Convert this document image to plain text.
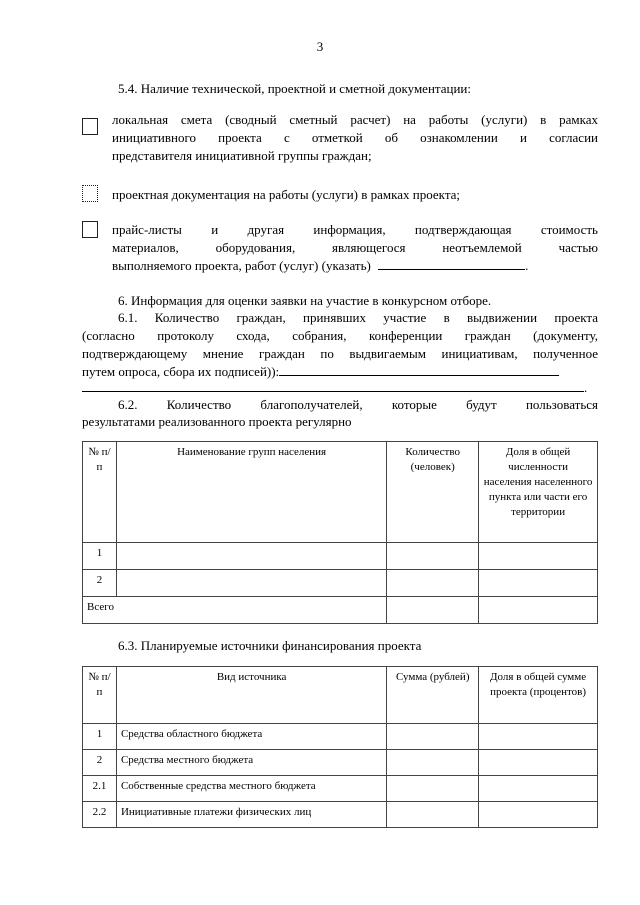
3
5.4. Наличие технической, проектной и сметной документации:
локальная смета (сводный сметный расчет) на работы (услуги) в рамках
инициативного проекта с отметкой об ознакомлении и согласии
представителя инициативной группы граждан;
проектная документация на работы (услуги) в рамках проекта;
прайс-листы и другая информация, подтверждающая стоимость
материалов, оборудования, являющегося неотъемлемой частью
выполняемого проекта, работ (услуг) (указать)	.
6. Информация для оценки заявки на участие в конкурсном отборе.
6.1. Количество граждан, принявших участие в выдвижении проекта
(согласно протоколу схода, собрания, конференции граждан (документу,
подтверждающему мнение граждан по выдвигаемым инициативам, полученное
путем опроса, сбора их подписей)):
.
6.2. Количество благополучателей, которые будут пользоваться
результатами реализованного проекта регулярно
№ п/п	Наименование групп населения	Количество (человек)	Доля в общей численности населения населенного пункта или части его территории
1			
2			
Всего			
6.3. Планируемые источники финансирования проекта
№ п/п	Вид источника	Сумма (рублей)	Доля в общей сумме проекта (процентов)
1	Средства областного бюджета		
2	Средства местного бюджета		
2.1	Собственные средства местного бюджета		
2.2	Инициативные платежи физических лиц		
